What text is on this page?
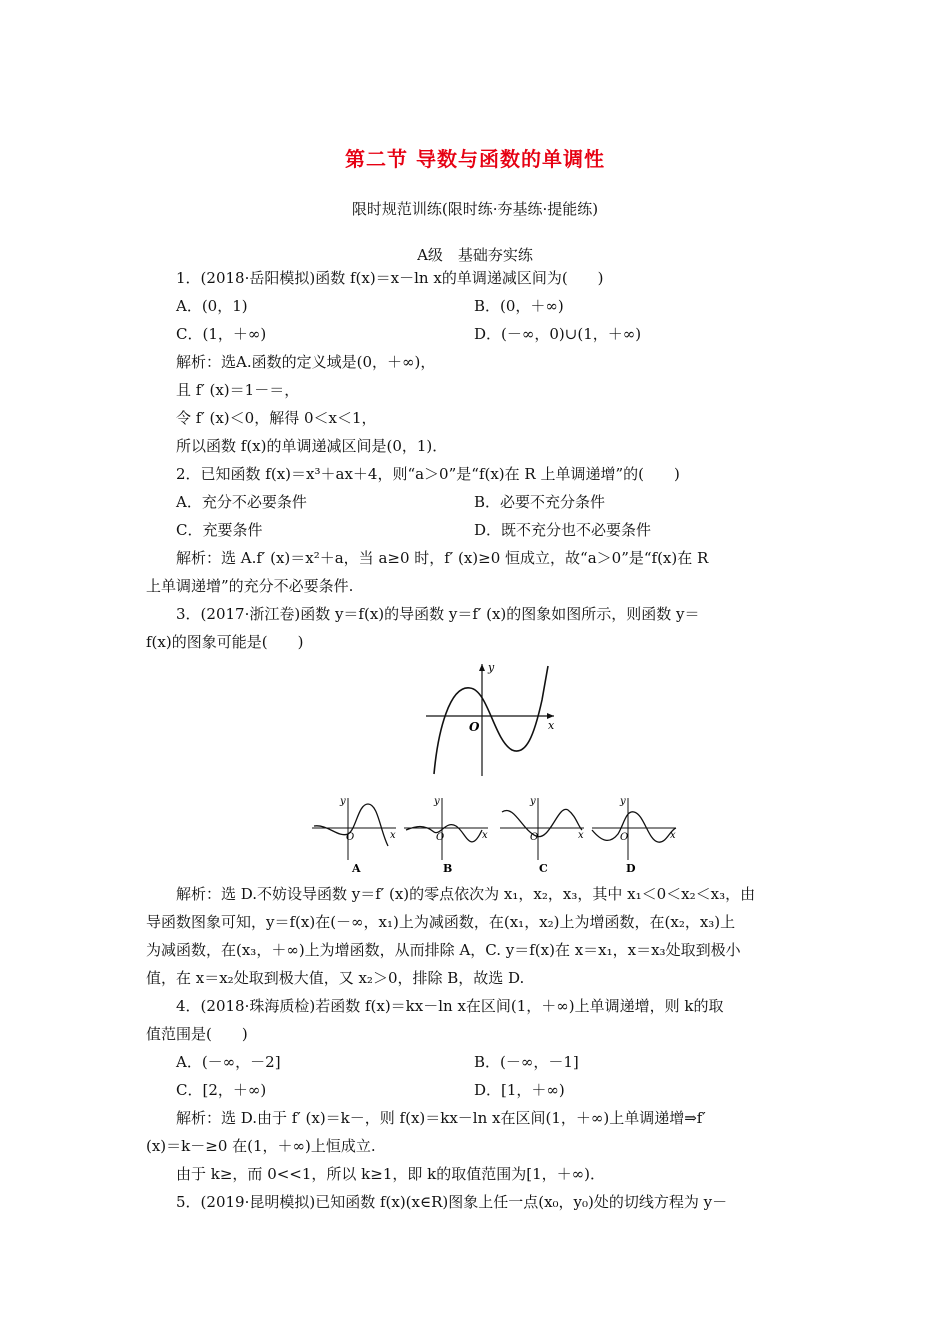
第二节 导数与函数的单调性
限时规范训练(限时练·夯基练·提能练)
A级　基础夯实练
1．(2018·岳阳模拟)函数 f(x)＝x－ln x的单调递减区间为(　　)
A．(0，1)	B．(0，＋∞)
C．(1，＋∞)	D．(－∞，0)∪(1，＋∞)
解析：选A.函数的定义域是(0，＋∞)，
且 f′ (x)＝1－＝，
令 f′ (x)＜0，解得 0＜x＜1，
所以函数 f(x)的单调递减区间是(0，1)．
2．已知函数 f(x)＝x³＋ax＋4，则“a＞0”是“f(x)在 R 上单调递增”的(　　)
A．充分不必要条件	B．必要不充分条件
C．充要条件	D．既不充分也不必要条件
解析：选 A.f′ (x)＝x²＋a，当 a≥0 时，f′ (x)≥0 恒成立，故“a＞0”是“f(x)在 R
上单调递增”的充分不必要条件.
3．(2017·浙江卷)函数 y＝f(x)的导函数 y＝f′ (x)的图象如图所示，则函数 y＝
f(x)的图象可能是(　　)
y
x
O
y
x
O
A
y
x
O
B
y
x
O
C
y
x
O
D
解析：选 D.不妨设导函数 y＝f′ (x)的零点依次为 x₁，x₂，x₃，其中 x₁＜0＜x₂＜x₃，由
导函数图象可知，y＝f(x)在(－∞，x₁)上为减函数，在(x₁，x₂)上为增函数，在(x₂，x₃)上
为减函数，在(x₃，＋∞)上为增函数，从而排除 A，C. y＝f(x)在 x＝x₁，x＝x₃处取到极小
值，在 x＝x₂处取到极大值，又 x₂＞0，排除 B，故选 D.
4．(2018·珠海质检)若函数 f(x)＝kx－ln x在区间(1，＋∞)上单调递增，则 k的取
值范围是(　　)
A．(－∞，－2]	B．(－∞，－1]
C．[2，＋∞)	D．[1，＋∞)
解析：选 D.由于 f′ (x)＝k－，则 f(x)＝kx－ln x在区间(1，＋∞)上单调递增⇒f′
(x)＝k－≥0 在(1，＋∞)上恒成立.
由于 k≥，而 0<<1，所以 k≥1，即 k的取值范围为[1，＋∞)．
5．(2019·昆明模拟)已知函数 f(x)(x∈R)图象上任一点(x₀，y₀)处的切线方程为 y－
